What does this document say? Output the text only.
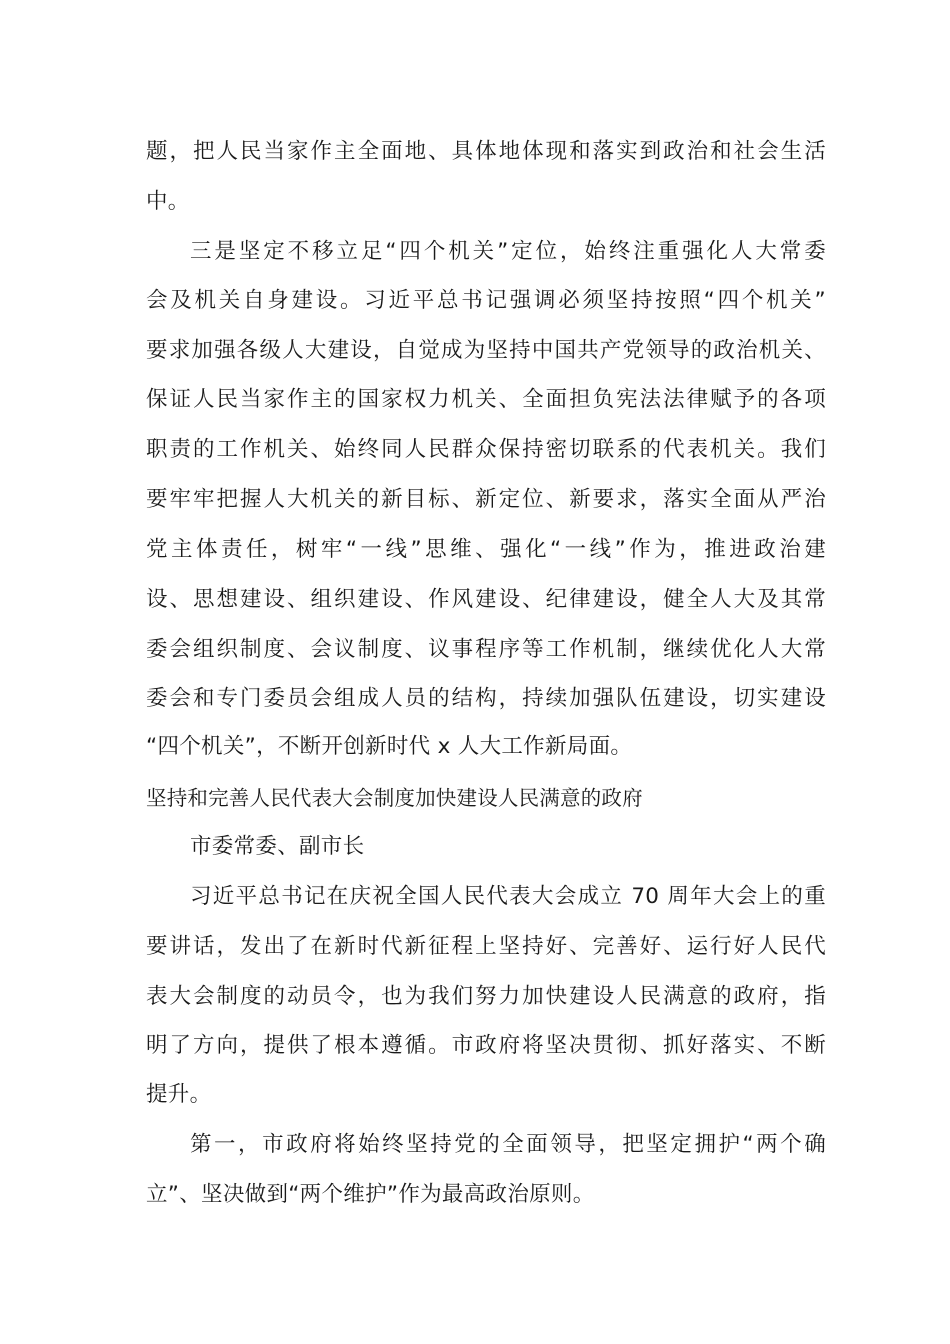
题，把人民当家作主全面地、具体地体现和落实到政治和社会生活
中。
三是坚定不移立足“四个机关”定位，始终注重强化人大常委
会及机关自身建设。习近平总书记强调必须坚持按照“四个机关”
要求加强各级人大建设，自觉成为坚持中国共产党领导的政治机关、
保证人民当家作主的国家权力机关、全面担负宪法法律赋予的各项
职责的工作机关、始终同人民群众保持密切联系的代表机关。我们
要牢牢把握人大机关的新目标、新定位、新要求，落实全面从严治
党主体责任，树牢“一线”思维、强化“一线”作为，推进政治建
设、思想建设、组织建设、作风建设、纪律建设，健全人大及其常
委会组织制度、会议制度、议事程序等工作机制，继续优化人大常
委会和专门委员会组成人员的结构，持续加强队伍建设，切实建设
“四个机关”，不断开创新时代 x 人大工作新局面。
坚持和完善人民代表大会制度加快建设人民满意的政府
市委常委、副市长
习近平总书记在庆祝全国人民代表大会成立 70 周年大会上的重
要讲话，发出了在新时代新征程上坚持好、完善好、运行好人民代
表大会制度的动员令，也为我们努力加快建设人民满意的政府，指
明了方向，提供了根本遵循。市政府将坚决贯彻、抓好落实、不断
提升。
第一，市政府将始终坚持党的全面领导，把坚定拥护“两个确
立”、坚决做到“两个维护”作为最高政治原则。
